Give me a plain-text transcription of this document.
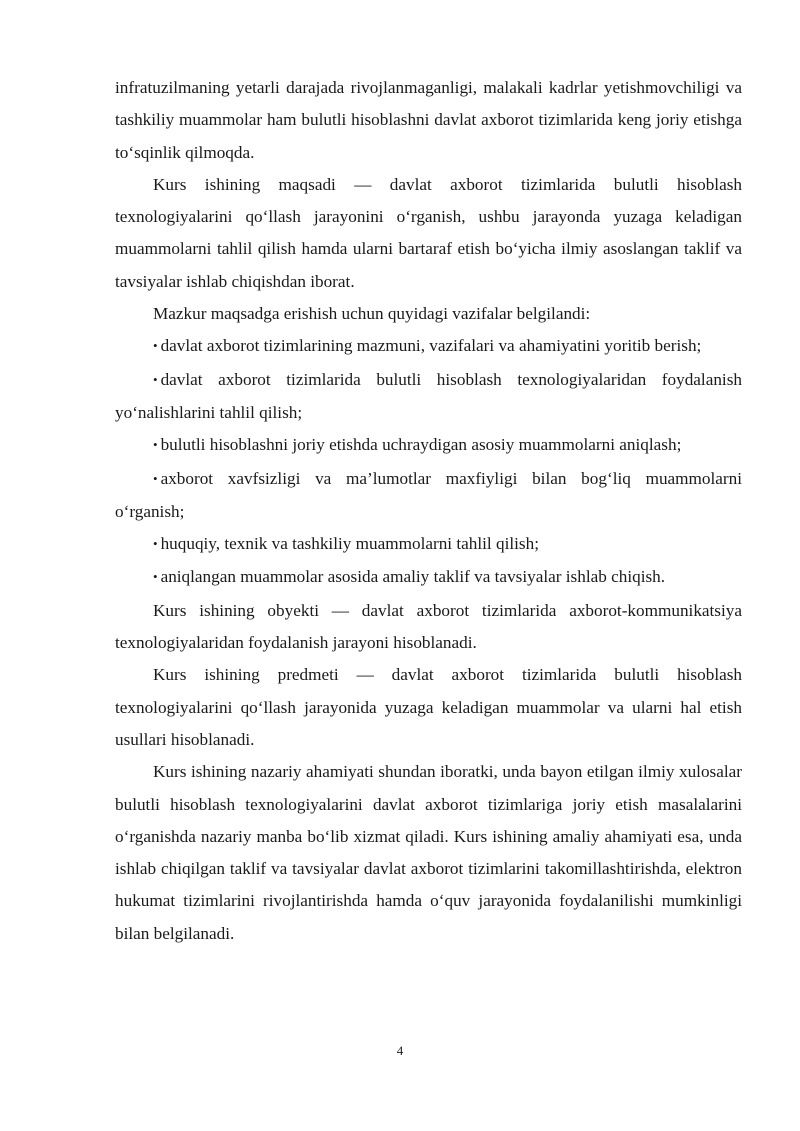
infratuzilmaning yetarli darajada rivojlanmaganligi, malakali kadrlar yetishmovchiligi va tashkiliy muammolar ham bulutli hisoblashni davlat axborot tizimlarida keng joriy etishga to‘sqinlik qilmoqda.

Kurs ishining maqsadi — davlat axborot tizimlarida bulutli hisoblash texnologiyalarini qo‘llash jarayonini o‘rganish, ushbu jarayonda yuzaga keladigan muammolarni tahlil qilish hamda ularni bartaraf etish bo‘yicha ilmiy asoslangan taklif va tavsiyalar ishlab chiqishdan iborat.

Mazkur maqsadga erishish uchun quyidagi vazifalar belgilandi:

• davlat axborot tizimlarining mazmuni, vazifalari va ahamiyatini yoritib berish;

• davlat axborot tizimlarida bulutli hisoblash texnologiyalaridan foydalanish yo‘nalishlarini tahlil qilish;

• bulutli hisoblashni joriy etishda uchraydigan asosiy muammolarni aniqlash;

• axborot xavfsizligi va ma’lumotlar maxfiyligi bilan bog‘liq muammolarni o‘rganish;

• huquqiy, texnik va tashkiliy muammolarni tahlil qilish;

• aniqlangan muammolar asosida amaliy taklif va tavsiyalar ishlab chiqish.

Kurs ishining obyekti — davlat axborot tizimlarida axborot-kommunikatsiya texnologiyalaridan foydalanish jarayoni hisoblanadi.

Kurs ishining predmeti — davlat axborot tizimlarida bulutli hisoblash texnologiyalarini qo‘llash jarayonida yuzaga keladigan muammolar va ularni hal etish usullari hisoblanadi.

Kurs ishining nazariy ahamiyati shundan iboratki, unda bayon etilgan ilmiy xulosalar bulutli hisoblash texnologiyalarini davlat axborot tizimlariga joriy etish masalalarini o‘rganishda nazariy manba bo‘lib xizmat qiladi. Kurs ishining amaliy ahamiyati esa, unda ishlab chiqilgan taklif va tavsiyalar davlat axborot tizimlarini takomillashtirishda, elektron hukumat tizimlarini rivojlantirishda hamda o‘quv jarayonida foydalanilishi mumkinligi bilan belgilanadi.

4
